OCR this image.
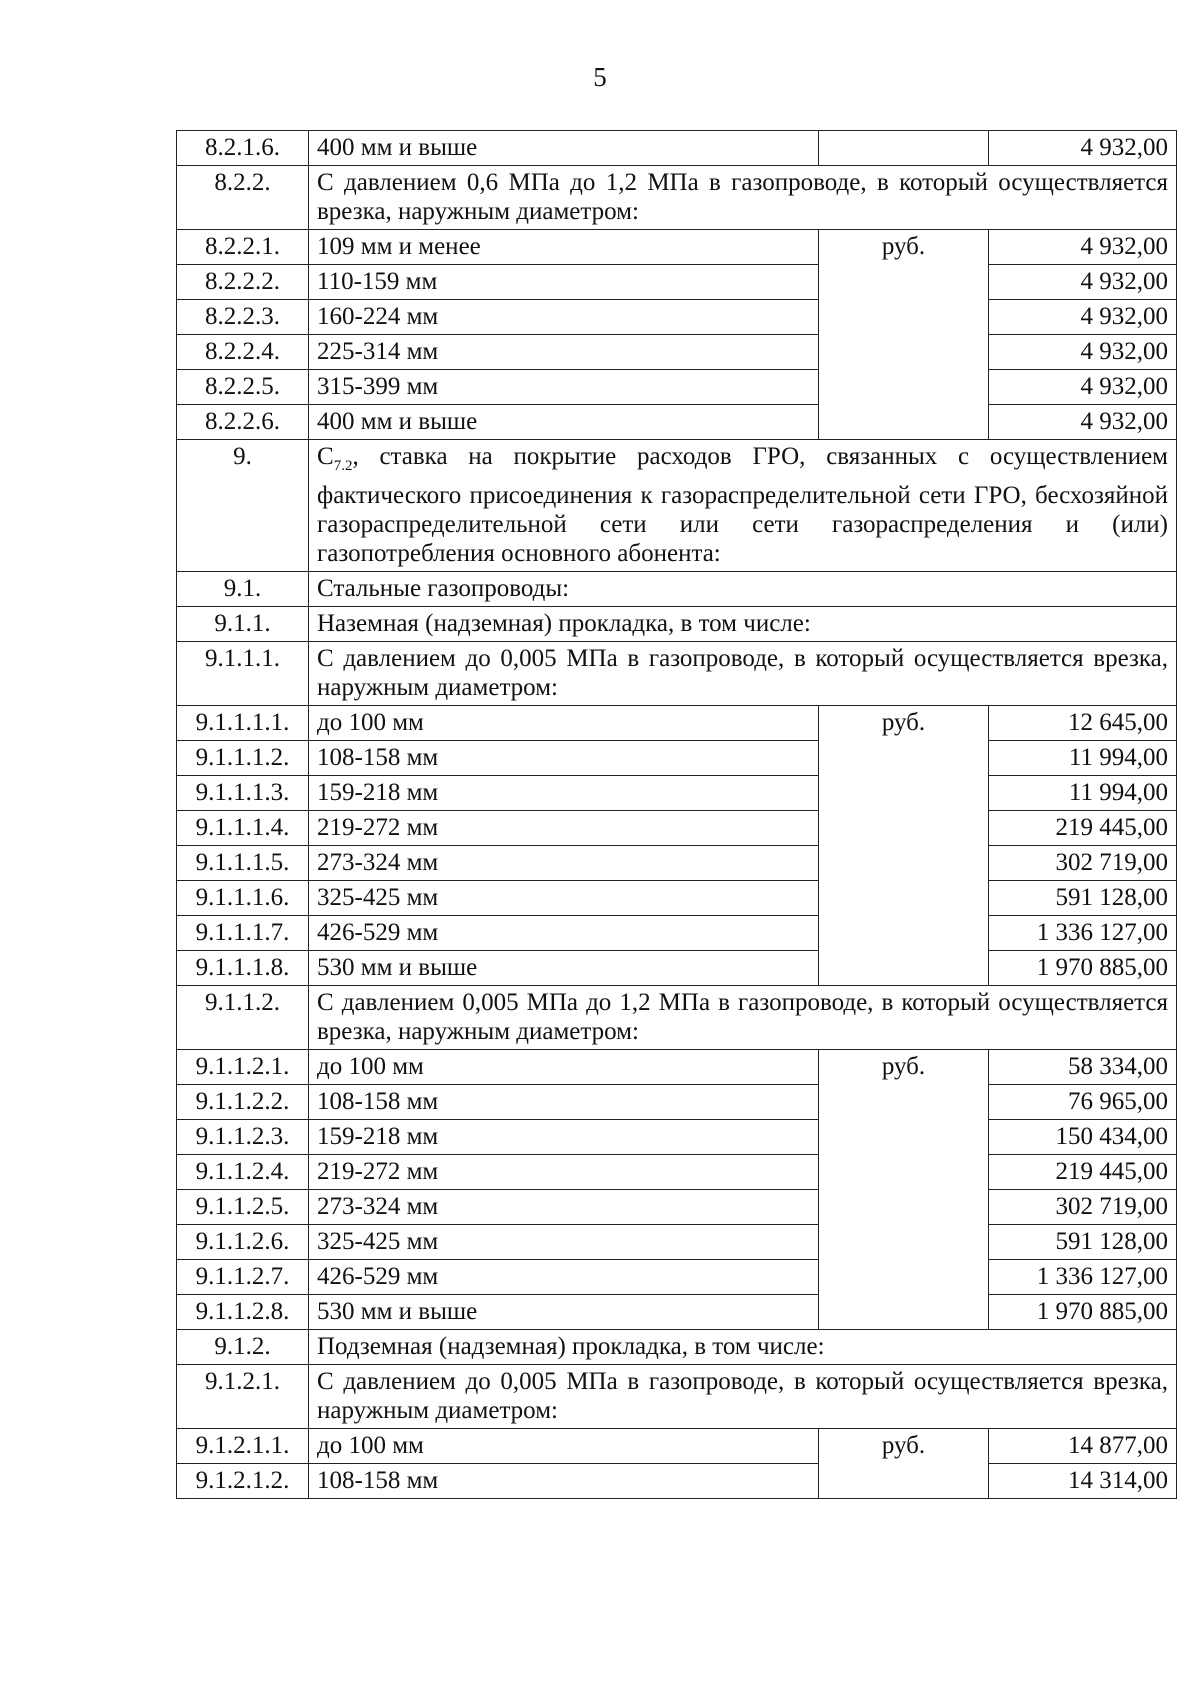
5
8.2.1.6.	400 мм и выше		4 932,00
8.2.2.	С давлением 0,6 МПа до 1,2 МПа в газопроводе, в который осуществляется врезка, наружным диаметром:		
8.2.2.1.	109 мм и менее	руб.	4 932,00
8.2.2.2.	110-159 мм		4 932,00
8.2.2.3.	160-224 мм		4 932,00
8.2.2.4.	225-314 мм		4 932,00
8.2.2.5.	315-399 мм		4 932,00
8.2.2.6.	400 мм и выше		4 932,00
9.	$C_{7.2}$, ставка на покрытие расходов ГРО, связанных с осуществлением фактического присоединения к газораспределительной сети ГРО, бесхозяйной газораспределительной сети или сети газораспределения и (или) газопотребления основного абонента:		
9.1.	Стальные газопроводы:		
9.1.1.	Наземная (надземная) прокладка, в том числе:		
9.1.1.1.	С давлением до 0,005 МПа в газопроводе, в который осуществляется врезка, наружным диаметром:		
9.1.1.1.1.	до 100 мм	руб.	12 645,00
9.1.1.1.2.	108-158 мм		11 994,00
9.1.1.1.3.	159-218 мм		11 994,00
9.1.1.1.4.	219-272 мм		219 445,00
9.1.1.1.5.	273-324 мм		302 719,00
9.1.1.1.6.	325-425 мм		591 128,00
9.1.1.1.7.	426-529 мм		1 336 127,00
9.1.1.1.8.	530 мм и выше		1 970 885,00
9.1.1.2.	С давлением 0,005 МПа до 1,2 МПа в газопроводе, в который осуществляется врезка, наружным диаметром:		
9.1.1.2.1.	до 100 мм	руб.	58 334,00
9.1.1.2.2.	108-158 мм		76 965,00
9.1.1.2.3.	159-218 мм		150 434,00
9.1.1.2.4.	219-272 мм		219 445,00
9.1.1.2.5.	273-324 мм		302 719,00
9.1.1.2.6.	325-425 мм		591 128,00
9.1.1.2.7.	426-529 мм		1 336 127,00
9.1.1.2.8.	530 мм и выше		1 970 885,00
9.1.2.	Подземная (надземная) прокладка, в том числе:		
9.1.2.1.	С давлением до 0,005 МПа в газопроводе, в который осуществляется врезка, наружным диаметром:		
9.1.2.1.1.	до 100 мм	руб.	14 877,00
9.1.2.1.2.	108-158 мм		14 314,00
